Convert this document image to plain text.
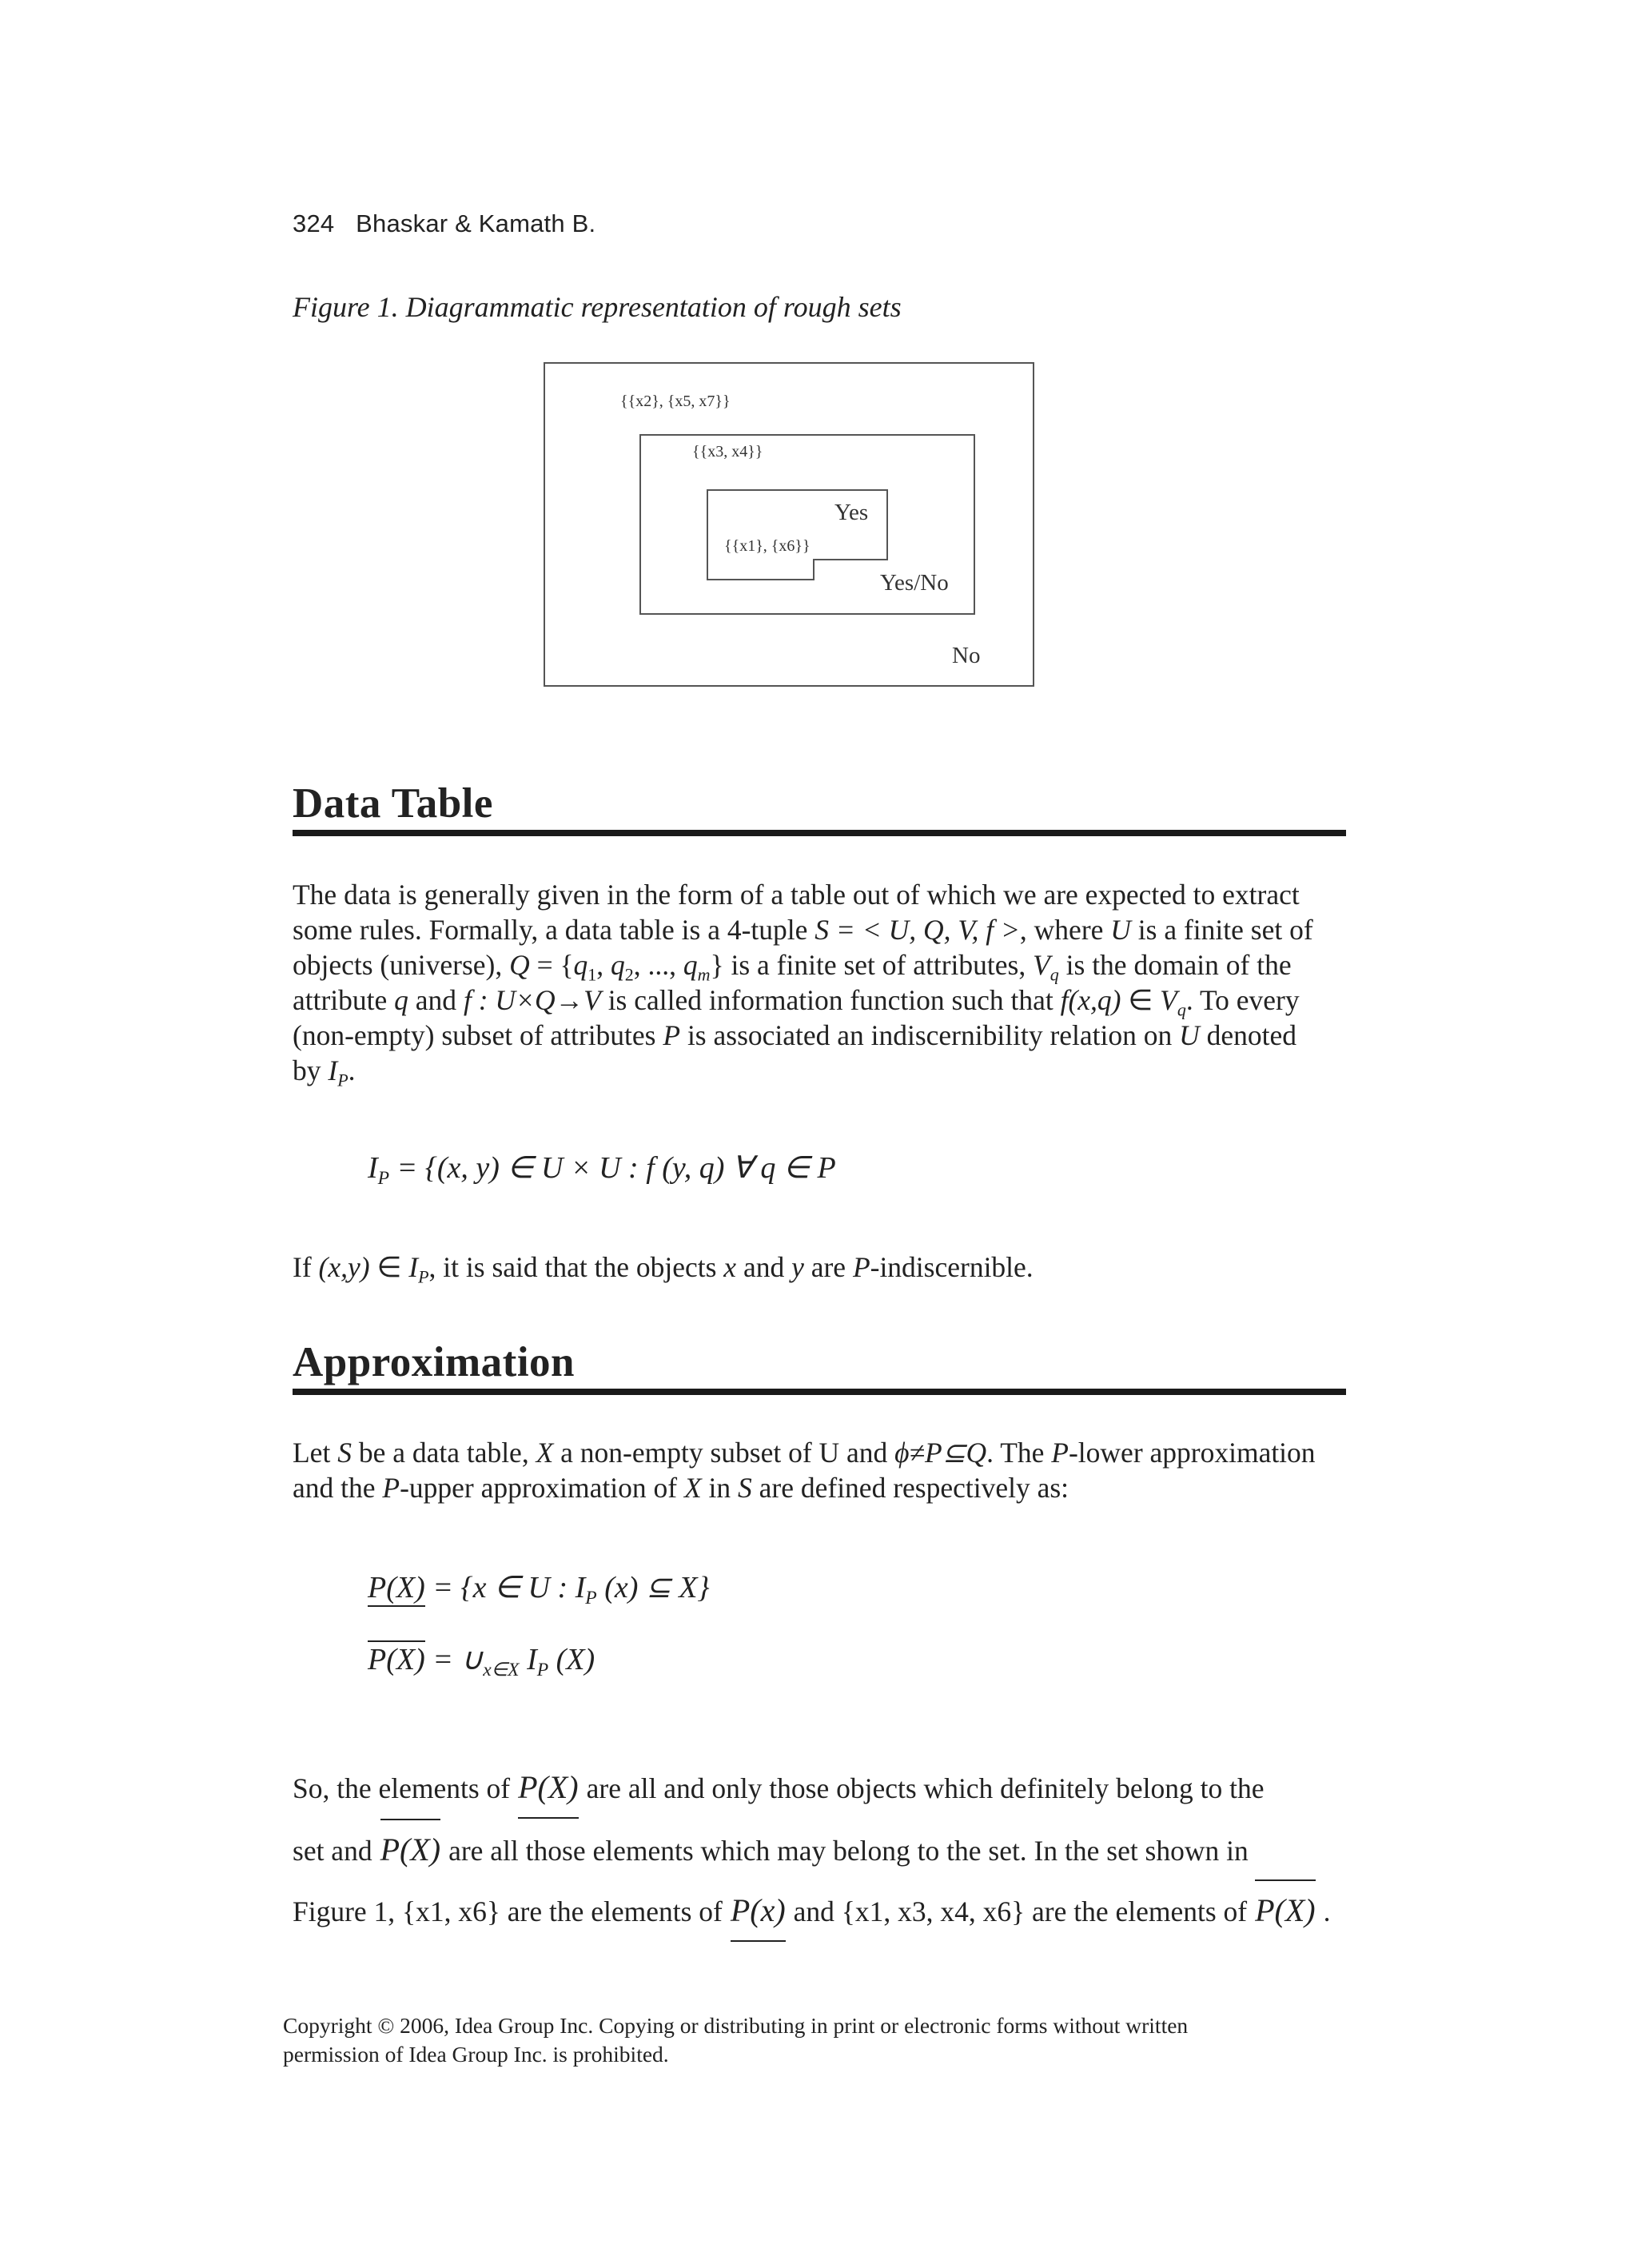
324 Bhaskar & Kamath B.
Figure 1. Diagrammatic representation of rough sets
{{x2}, {x5, x7}}
{{x3, x4}}
{{x1}, {x6}}
Yes
Yes/No
No
Data Table
The data is generally given in the form of a table out of which we are expected to extract
some rules. Formally, a data table is a 4-tuple S = < U, Q, V, f >, where U is a finite set of
objects (universe), $Q = \{q_1$, $q_2$, ..., $q_m$} is a finite set of attributes, $V_q$ is the domain of the
attribute q and f : U×Q→V is called information function such that f(x,q) ∈ $V_q$. To every
(non-empty) subset of attributes P is associated an indiscernibility relation on U denoted
by $I_P$.
$I_P = \{(x$, y) ∈ U × U : f (y, q) ∀ q ∈ P
If (x,y) ∈ $I_P$, it is said that the objects x and y are P-indiscernible.
Approximation
Let S be a data table, X a non-empty subset of U and ϕ≠P⊆Q. The P-lower approximation
and the P-upper approximation of X in S are defined respectively as:
P(X) = {x ∈ U : $I_P$ (x) ⊆ X}
$P(X) = \cup_{x\in X}$ $I_P$ (X)
So, the elements of P(X) are all and only those objects which definitely belong to the
set and P(X) are all those elements which may belong to the set. In the set shown in
Figure 1, {x1, x6} are the elements of P(x) and {x1, x3, x4, x6} are the elements of P(X) .
Copyright © 2006, Idea Group Inc. Copying or distributing in print or electronic forms without written
permission of Idea Group Inc. is prohibited.
